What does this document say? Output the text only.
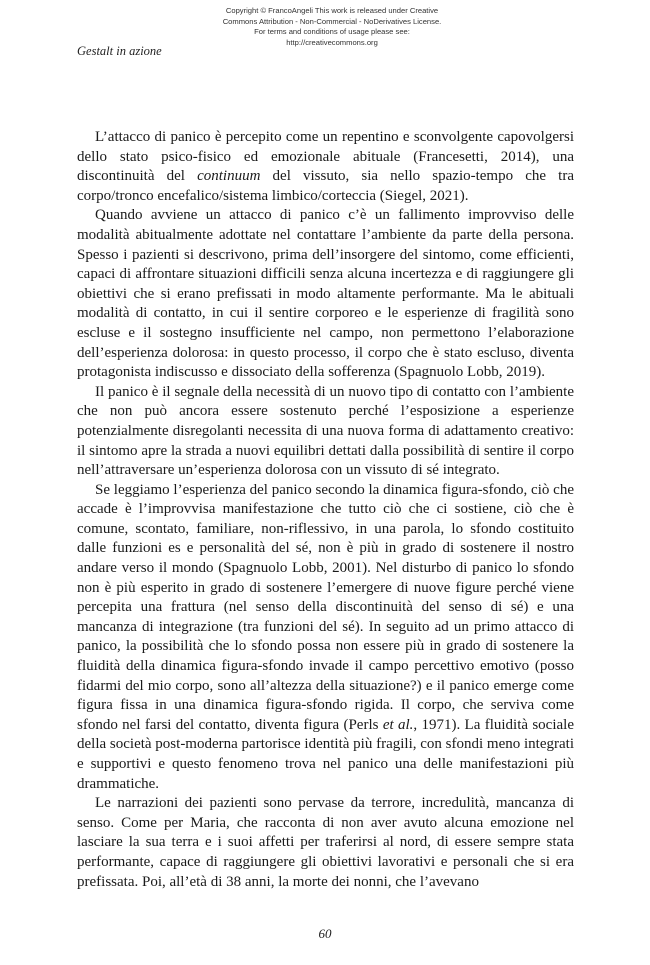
Copyright © FrancoAngeli This work is released under Creative
Commons Attribution - Non-Commercial - NoDerivatives License.
For terms and conditions of usage please see:
http://creativecommons.org
Gestalt in azione

L’attacco di panico è percepito come un repentino e sconvolgente capovolgersi dello stato psico-fisico ed emozionale abituale (Francesetti, 2014), una discontinuità del continuum del vissuto, sia nello spazio-tempo che tra corpo/tronco encefalico/sistema limbico/corteccia (Siegel, 2021).

Quando avviene un attacco di panico c’è un fallimento improvviso delle modalità abitualmente adottate nel contattare l’ambiente da parte della persona. Spesso i pazienti si descrivono, prima dell’insorgere del sintomo, come efficienti, capaci di affrontare situazioni difficili senza alcuna incertezza e di raggiungere gli obiettivi che si erano prefissati in modo altamente performante. Ma le abituali modalità di contatto, in cui il sentire corporeo e le esperienze di fragilità sono escluse e il sostegno insufficiente nel campo, non permettono l’elaborazione dell’esperienza dolorosa: in questo processo, il corpo che è stato escluso, diventa protagonista indiscusso e dissociato della sofferenza (Spagnuolo Lobb, 2019).

Il panico è il segnale della necessità di un nuovo tipo di contatto con l’ambiente che non può ancora essere sostenuto perché l’esposizione a esperienze potenzialmente disregolanti necessita di una nuova forma di adattamento creativo: il sintomo apre la strada a nuovi equilibri dettati dalla possibilità di sentire il corpo nell’attraversare un’esperienza dolorosa con un vissuto di sé integrato.

Se leggiamo l’esperienza del panico secondo la dinamica figura-sfondo, ciò che accade è l’improvvisa manifestazione che tutto ciò che ci sostiene, ciò che è comune, scontato, familiare, non-riflessivo, in una parola, lo sfondo costituito dalle funzioni es e personalità del sé, non è più in grado di sostenere il nostro andare verso il mondo (Spagnuolo Lobb, 2001). Nel disturbo di panico lo sfondo non è più esperito in grado di sostenere l’emergere di nuove figure perché viene percepita una frattura (nel senso della discontinuità del senso di sé) e una mancanza di integrazione (tra funzioni del sé). In seguito ad un primo attacco di panico, la possibilità che lo sfondo possa non essere più in grado di sostenere la fluidità della dinamica figura-sfondo invade il campo percettivo emotivo (posso fidarmi del mio corpo, sono all’altezza della situazione?) e il panico emerge come figura fissa in una dinamica figura-sfondo rigida. Il corpo, che serviva come sfondo nel farsi del contatto, diventa figura (Perls et al., 1971). La fluidità sociale della società post-moderna partorisce identità più fragili, con sfondi meno integrati e supportivi e questo fenomeno trova nel panico una delle manifestazioni più drammatiche.

Le narrazioni dei pazienti sono pervase da terrore, incredulità, mancanza di senso. Come per Maria, che racconta di non aver avuto alcuna emozione nel lasciare la sua terra e i suoi affetti per traferirsi al nord, di essere sempre stata performante, capace di raggiungere gli obiettivi lavorativi e personali che si era prefissata. Poi, all’età di 38 anni, la morte dei nonni, che l’avevano

60
